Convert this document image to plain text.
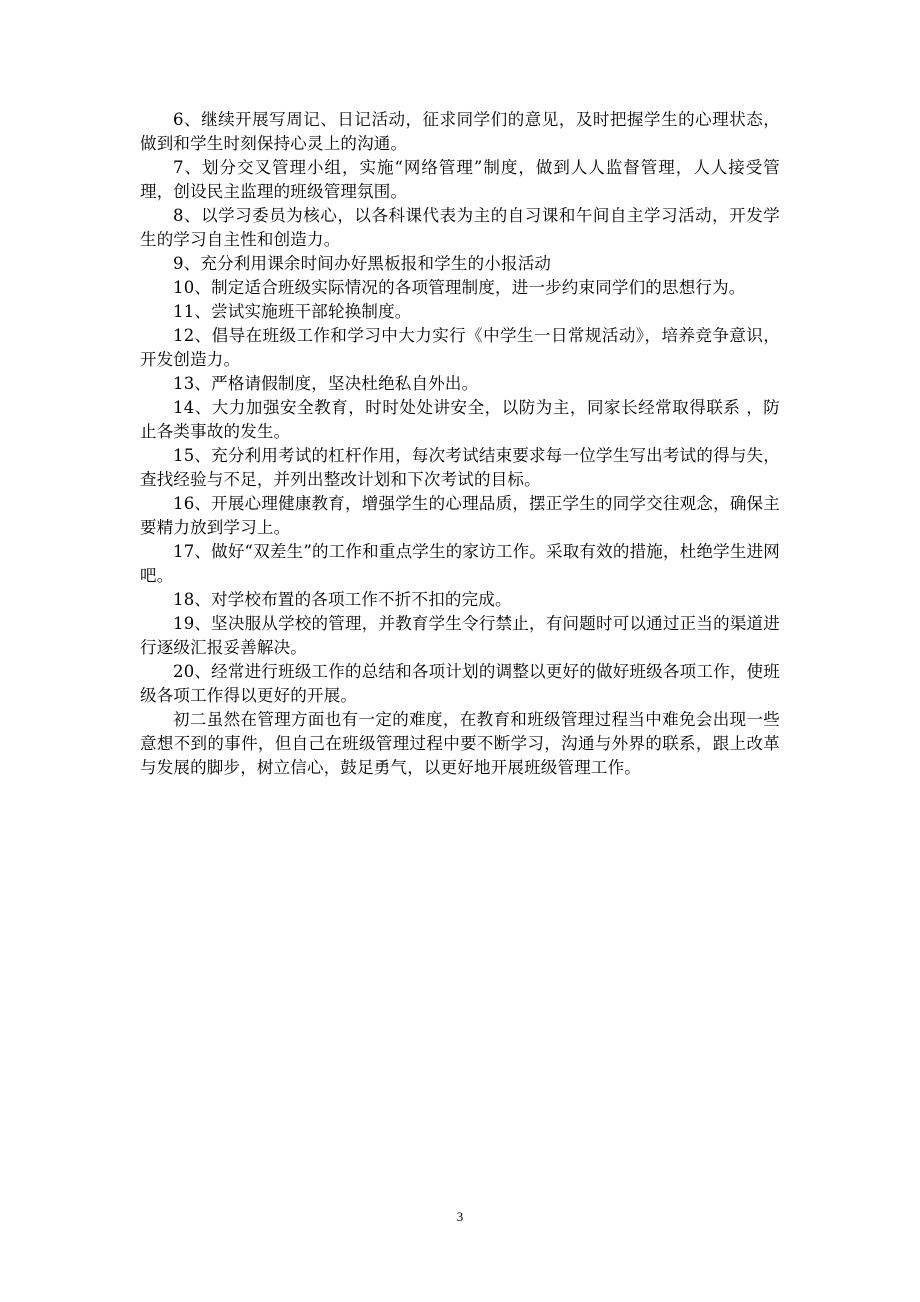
6、继续开展写周记、日记活动，征求同学们的意见，及时把握学生的心理状态，做到和学生时刻保持心灵上的沟通。

7、划分交叉管理小组，实施“网络管理”制度，做到人人监督管理，人人接受管理，创设民主监理的班级管理氛围。

8、以学习委员为核心，以各科课代表为主的自习课和午间自主学习活动，开发学生的学习自主性和创造力。

9、充分利用课余时间办好黑板报和学生的小报活动

10、制定适合班级实际情况的各项管理制度，进一步约束同学们的思想行为。

11、尝试实施班干部轮换制度。

12、倡导在班级工作和学习中大力实行《中学生一日常规活动》，培养竞争意识，开发创造力。

13、严格请假制度，坚决杜绝私自外出。

14、大力加强安全教育，时时处处讲安全，以防为主，同家长经常取得联系 ，防止各类事故的发生。

15、充分利用考试的杠杆作用，每次考试结束要求每一位学生写出考试的得与失，查找经验与不足，并列出整改计划和下次考试的目标。

16、开展心理健康教育，增强学生的心理品质，摆正学生的同学交往观念，确保主要精力放到学习上。

17、做好“双差生”的工作和重点学生的家访工作。采取有效的措施，杜绝学生进网吧。

18、对学校布置的各项工作不折不扣的完成。

19、坚决服从学校的管理，并教育学生令行禁止，有问题时可以通过正当的渠道进行逐级汇报妥善解决。

20、经常进行班级工作的总结和各项计划的调整以更好的做好班级各项工作，使班级各项工作得以更好的开展。

初二虽然在管理方面也有一定的难度，在教育和班级管理过程当中难免会出现一些意想不到的事件，但自己在班级管理过程中要不断学习，沟通与外界的联系，跟上改革与发展的脚步，树立信心，鼓足勇气，以更好地开展班级管理工作。

3
